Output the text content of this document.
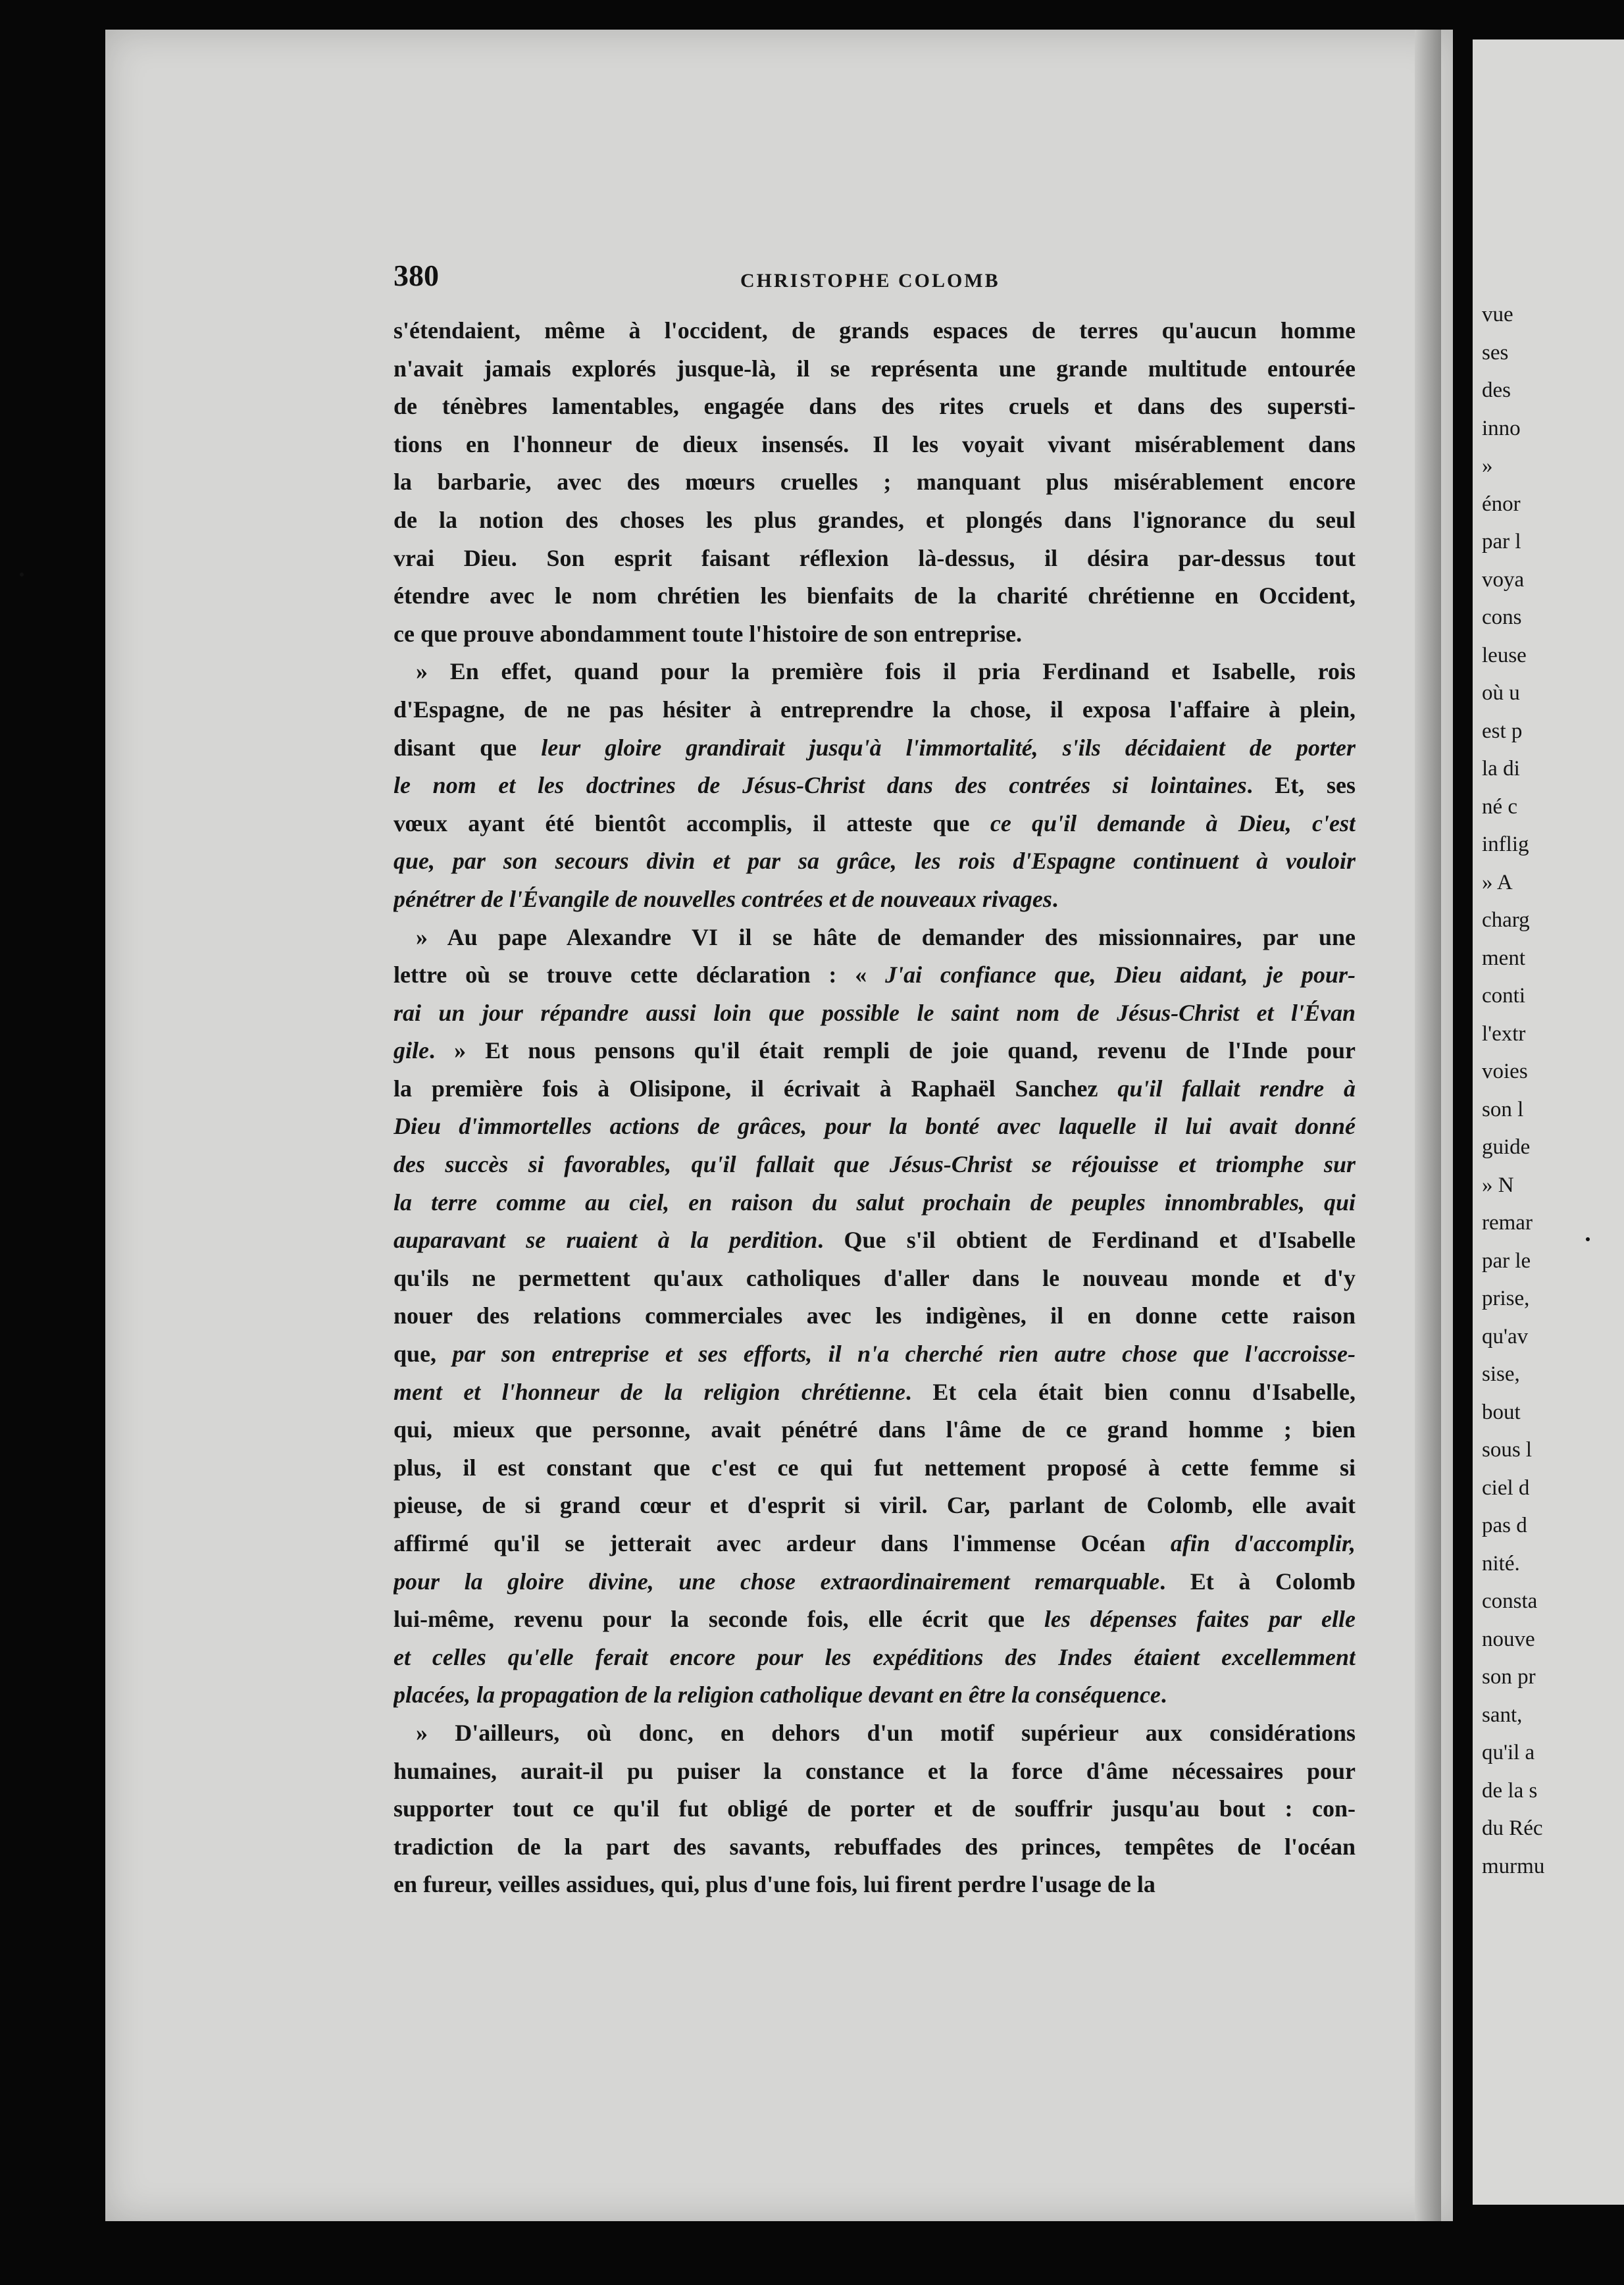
vue
ses
des
inno
»
énor
par l
voya
cons
leuse
où u
est p
la di
né c
inflig
» A
charg
ment
conti
l'extr
voies
son l
guide
» N
remar
par le
prise,
qu'av
sise,
bout
sous l
ciel d
pas d
nité.
consta
nouve
son pr
sant,
qu'il a
de la s
du Réc
murmu
380	CHRISTOPHE COLOMB
s'étendaient, même à l'occident, de grands espaces de terres qu'aucun homme
n'avait jamais explorés jusque-là, il se représenta une grande multitude entourée
de ténèbres lamentables, engagée dans des rites cruels et dans des supersti-
tions en l'honneur de dieux insensés. Il les voyait vivant misérablement dans
la barbarie, avec des mœurs cruelles ; manquant plus misérablement encore
de la notion des choses les plus grandes, et plongés dans l'ignorance du seul
vrai Dieu. Son esprit faisant réflexion là-dessus, il désira par-dessus tout
étendre avec le nom chrétien les bienfaits de la charité chrétienne en Occident,
ce que prouve abondamment toute l'histoire de son entreprise.
» En effet, quand pour la première fois il pria Ferdinand et Isabelle, rois
d'Espagne, de ne pas hésiter à entreprendre la chose, il exposa l'affaire à plein,
disant que leur gloire grandirait jusqu'à l'immortalité, s'ils décidaient de porter
le nom et les doctrines de Jésus-Christ dans des contrées si lointaines. Et, ses
vœux ayant été bientôt accomplis, il atteste que ce qu'il demande à Dieu, c'est
que, par son secours divin et par sa grâce, les rois d'Espagne continuent à vouloir
pénétrer de l'Évangile de nouvelles contrées et de nouveaux rivages.
» Au pape Alexandre VI il se hâte de demander des missionnaires, par une
lettre où se trouve cette déclaration : « J'ai confiance que, Dieu aidant, je pour-
rai un jour répandre aussi loin que possible le saint nom de Jésus-Christ et l'Évan
gile. » Et nous pensons qu'il était rempli de joie quand, revenu de l'Inde pour
la première fois à Olisipone, il écrivait à Raphaël Sanchez qu'il fallait rendre à
Dieu d'immortelles actions de grâces, pour la bonté avec laquelle il lui avait donné
des succès si favorables, qu'il fallait que Jésus-Christ se réjouisse et triomphe sur
la terre comme au ciel, en raison du salut prochain de peuples innombrables, qui
auparavant se ruaient à la perdition. Que s'il obtient de Ferdinand et d'Isabelle
qu'ils ne permettent qu'aux catholiques d'aller dans le nouveau monde et d'y
nouer des relations commerciales avec les indigènes, il en donne cette raison
que, par son entreprise et ses efforts, il n'a cherché rien autre chose que l'accroisse-
ment et l'honneur de la religion chrétienne. Et cela était bien connu d'Isabelle,
qui, mieux que personne, avait pénétré dans l'âme de ce grand homme ; bien
plus, il est constant que c'est ce qui fut nettement proposé à cette femme si
pieuse, de si grand cœur et d'esprit si viril. Car, parlant de Colomb, elle avait
affirmé qu'il se jetterait avec ardeur dans l'immense Océan afin d'accomplir,
pour la gloire divine, une chose extraordinairement remarquable. Et à Colomb
lui-même, revenu pour la seconde fois, elle écrit que les dépenses faites par elle
et celles qu'elle ferait encore pour les expéditions des Indes étaient excellemment
placées, la propagation de la religion catholique devant en être la conséquence.
» D'ailleurs, où donc, en dehors d'un motif supérieur aux considérations
humaines, aurait-il pu puiser la constance et la force d'âme nécessaires pour
supporter tout ce qu'il fut obligé de porter et de souffrir jusqu'au bout : con-
tradiction de la part des savants, rebuffades des princes, tempêtes de l'océan
en fureur, veilles assidues, qui, plus d'une fois, lui firent perdre l'usage de la
